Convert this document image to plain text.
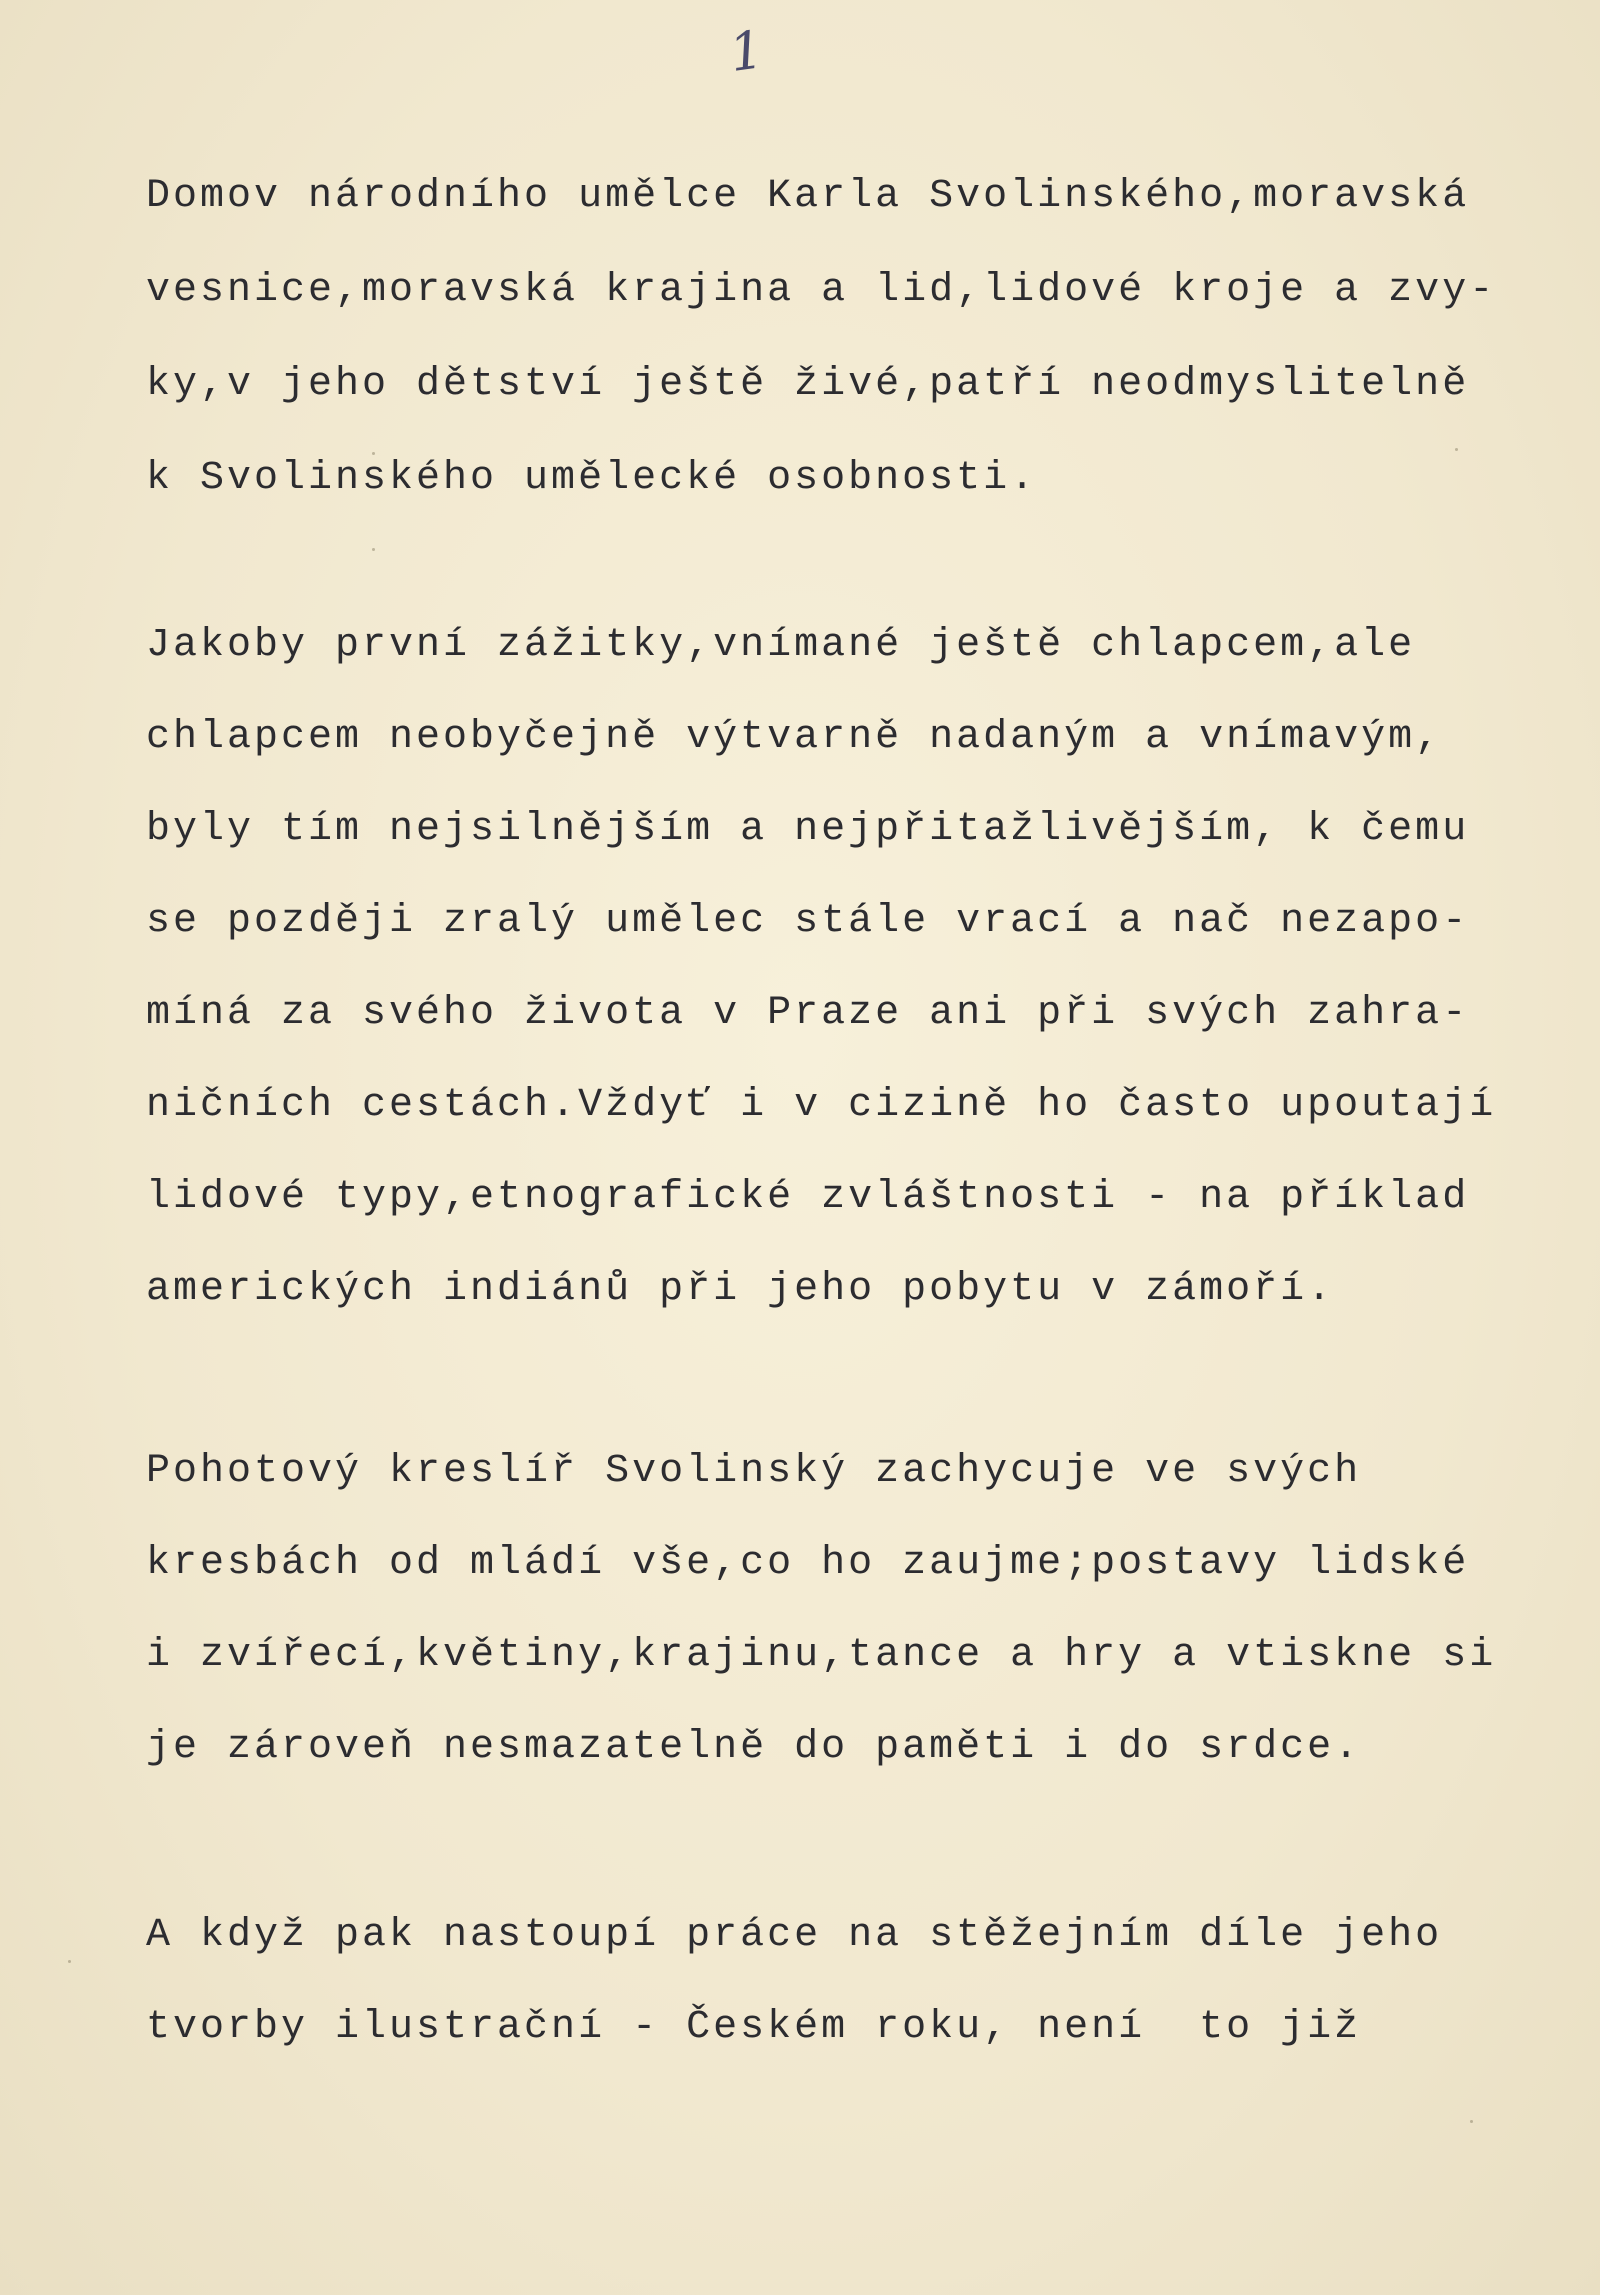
1
Domov národního umělce Karla Svolinského,moravská
vesnice,moravská krajina a lid,lidové kroje a zvy-
ky,v jeho dětství ještě živé,patří neodmyslitelně
k Svolinského umělecké osobnosti.
Jakoby první zážitky,vnímané ještě chlapcem,ale
chlapcem neobyčejně výtvarně nadaným a vnímavým,
byly tím nejsilnějším a nejpřitažlivějším, k čemu
se později zralý umělec stále vrací a nač nezapo-
míná za svého života v Praze ani při svých zahra-
ničních cestách.Vždyť i v cizině ho často upoutají
lidové typy,etnografické zvláštnosti - na příklad
amerických indiánů při jeho pobytu v zámoří.
Pohotový kreslíř Svolinský zachycuje ve svých
kresbách od mládí vše,co ho zaujme;postavy lidské
i zvířecí,květiny,krajinu,tance a hry a vtiskne si
je zároveň nesmazatelně do paměti i do srdce.
A když pak nastoupí práce na stěžejním díle jeho
tvorby ilustrační - Českém roku, není  to již
